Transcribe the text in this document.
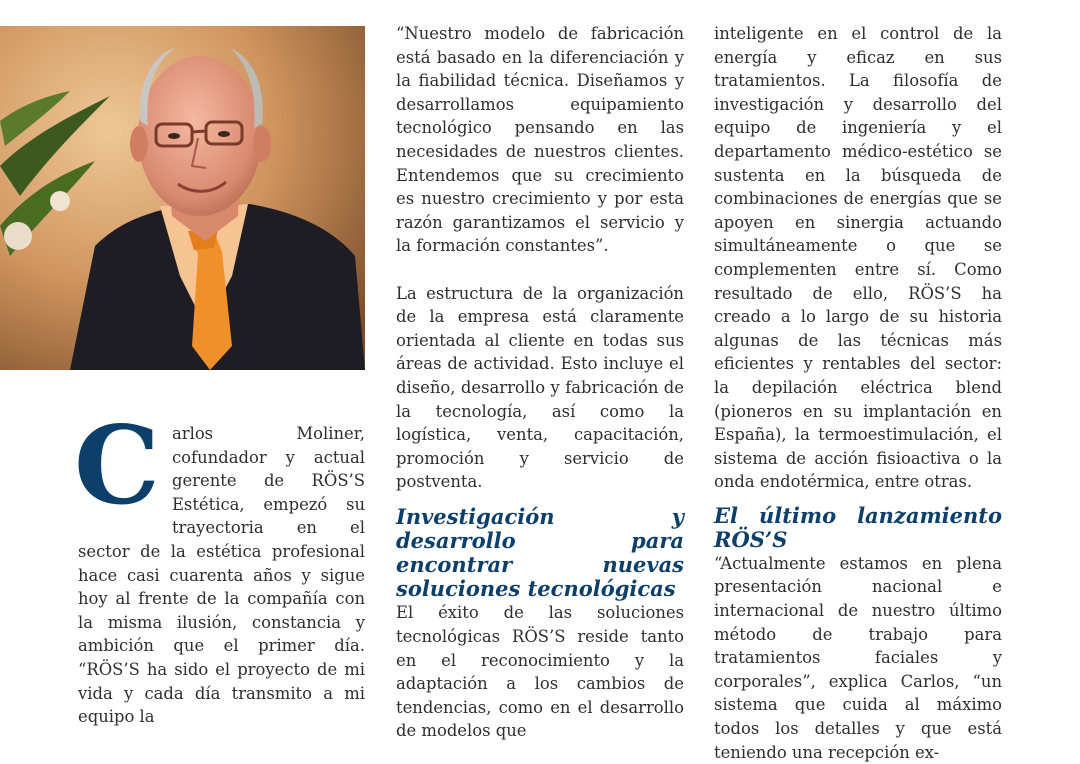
C arlos Moliner, cofundador y actual gerente de RÖS’S Estética, empezó su trayectoria en el sector de la estética profesional hace casi cuarenta años y sigue hoy al frente de la compañía con la misma ilusión, constancia y ambición que el primer día. “RÖS’S ha sido el proyecto de mi vida y cada día transmito a mi equipo la

“Nuestro modelo de fabricación está basado en la diferenciación y la fiabilidad técnica. Diseñamos y desarrollamos equipamiento tecnológico pensando en las necesidades de nuestros clientes. Entendemos que su crecimiento es nuestro crecimiento y por esta razón garantizamos el servicio y la formación constantes”.

La estructura de la organización de la empresa está claramente orientada al cliente en todas sus áreas de actividad. Esto incluye el diseño, desarrollo y fabricación de la tecnología, así como la logística, venta, capacitación, promoción y servicio de postventa.

Investigación y desarrollo para encontrar nuevas soluciones tecnológicas

El éxito de las soluciones tecnológicas RÖS’S reside tanto en el reconocimiento y la adaptación a los cambios de tendencias, como en el desarrollo de modelos que

inteligente en el control de la energía y eficaz en sus tratamientos. La filosofía de investigación y desarrollo del equipo de ingeniería y el departamento médico-estético se sustenta en la búsqueda de combinaciones de energías que se apoyen en sinergia actuando simultáneamente o que se complementen entre sí. Como resultado de ello, RÖS’S ha creado a lo largo de su historia algunas de las técnicas más eficientes y rentables del sector: la depilación eléctrica blend (pioneros en su implantación en España), la termoestimulación, el sistema de acción fisioactiva o la onda endotérmica, entre otras.

El último lanzamiento RÖS’S

“Actualmente estamos en plena presentación nacional e internacional de nuestro último método de trabajo para tratamientos faciales y corporales”, explica Carlos, “un sistema que cuida al máximo todos los detalles y que está teniendo una recepción ex-
